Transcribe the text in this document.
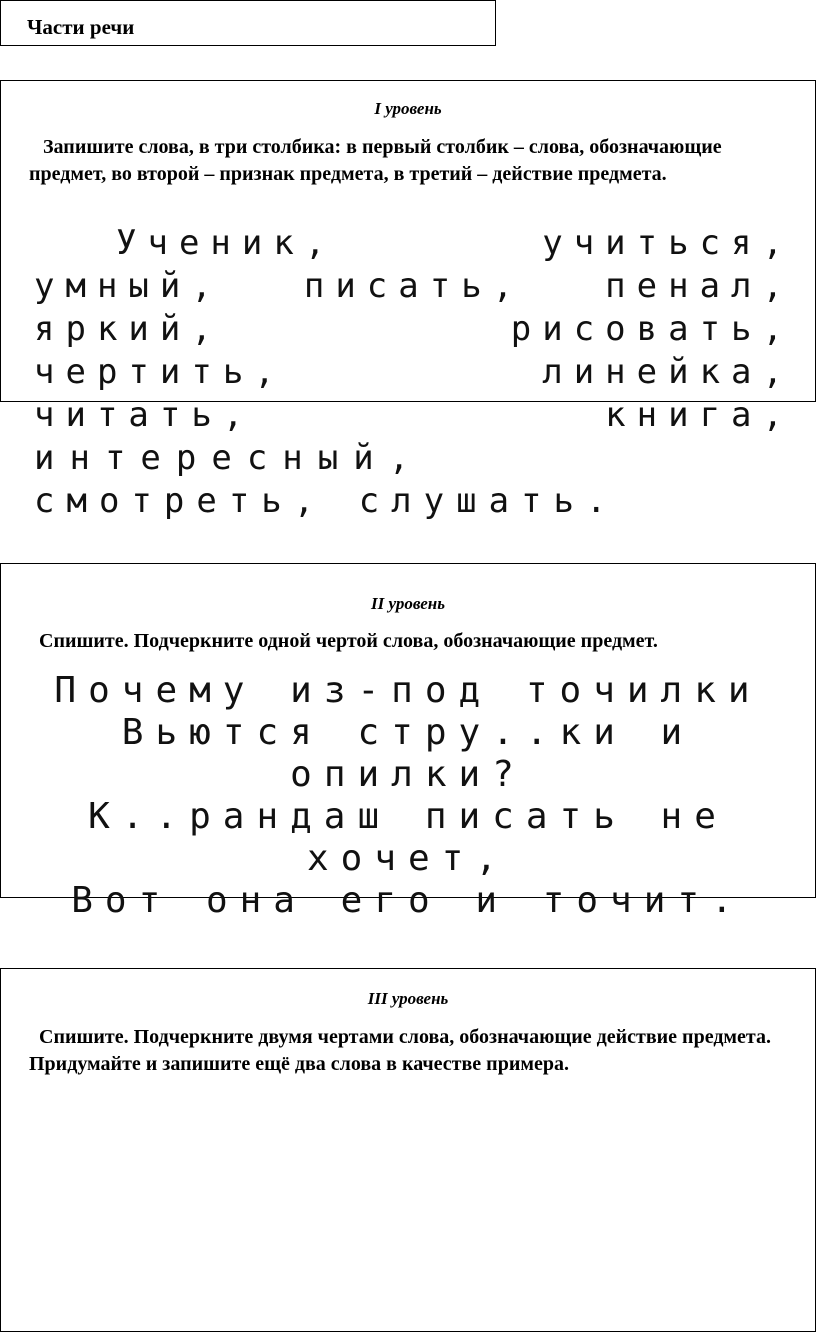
Части речи
I уровень
Запишите слова, в три столбика: в первый столбик – слова, обозначающие предмет, во второй – признак предмета, в третий – действие предмета.
II уровень
Спишите. Подчеркните одной чертой слова, обозначающие предмет.
III уровень
Спишите. Подчеркните двумя чертами слова, обозначающие действие предмета. Придумайте и запишите ещё два слова в качестве примера.
Ученик,	учиться,
умный, писать, пенал,
яркий,	рисовать,
чертить,	линейка,
читать,	книга,
интересный,
смотреть, слушать.
Почему из-под точилки
Вьются стру..ки и
опилки?
К..рандаш писать не
хочет,
Вот она его и точит.
